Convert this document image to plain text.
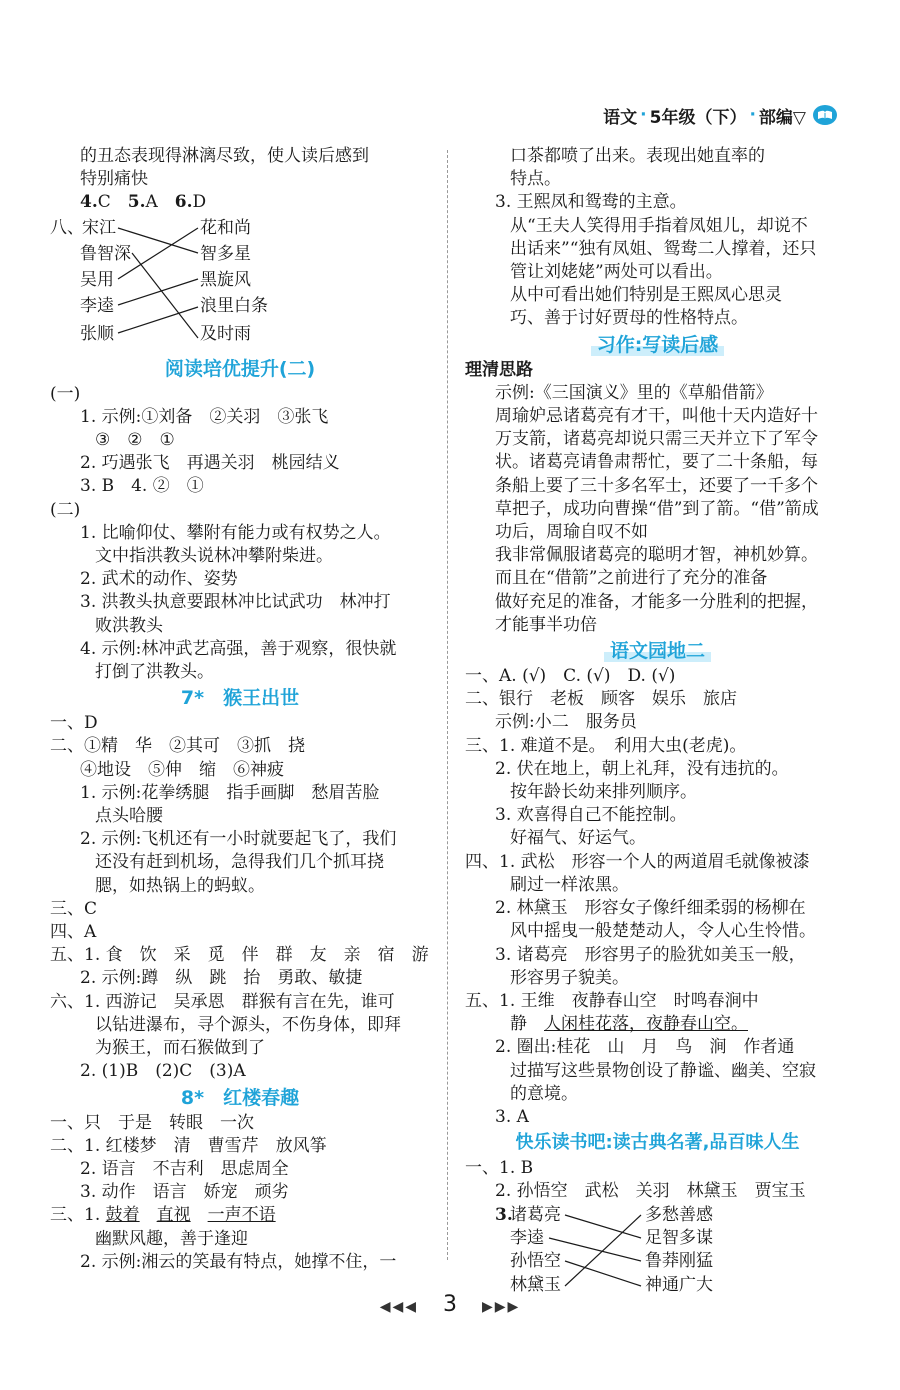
语文 · 5年级（下） · 部编▽
的丑态表现得淋漓尽致，使人读后感到
特别痛快
4.C　 5.A　 6.D
八、
宋江
鲁智深
吴用
李逵
张顺
花和尚
智多星
黑旋风
浪里白条
及时雨
阅读培优提升(二)
(一)
1. 示例:①刘备　②关羽　③张飞
③　②　①
2. 巧遇张飞　再遇关羽　桃园结义
3. B　4. ②　①
(二)
1. 比喻仰仗、攀附有能力或有权势之人。
文中指洪教头说林冲攀附柴进。
2. 武术的动作、姿势
3. 洪教头执意要跟林冲比试武功　林冲打
败洪教头
4. 示例:林冲武艺高强，善于观察，很快就
打倒了洪教头。
7*　猴王出世
一、D
二、①精　华　②其可　③抓　挠
④地设　⑤伸　缩　⑥神疲
1. 示例:花拳绣腿　指手画脚　愁眉苦脸
点头哈腰
2. 示例:飞机还有一小时就要起飞了，我们
还没有赶到机场，急得我们几个抓耳挠
腮，如热锅上的蚂蚁。
三、C
四、A
五、1. 食　饮　采　觅　伴　群　友　亲　宿　游
2. 示例:蹲　纵　跳　抬　勇敢、敏捷
六、1. 西游记　吴承恩　群猴有言在先，谁可
以钻进瀑布，寻个源头，不伤身体，即拜
为猴王，而石猴做到了
2. (1)B　(2)C　(3)A
8*　红楼春趣
一、只　于是　转眼　一次
二、1. 红楼梦　清　曹雪芹　放风筝
2. 语言　不吉利　思虑周全
3. 动作　语言　娇宠　顽劣
三、1. 鼓着　 直视　 一声不语
幽默风趣，善于逢迎
2. 示例:湘云的笑最有特点，她撑不住，一
口茶都喷了出来。表现出她直率的
特点。
3. 王熙凤和鸳鸯的主意。
从“王夫人笑得用手指着凤姐儿，却说不
出话来”“独有凤姐、鸳鸯二人撑着，还只
管让刘姥姥”两处可以看出。
从中可看出她们特别是王熙凤心思灵
巧、善于讨好贾母的性格特点。
习作:写读后感
理清思路
示例:《三国演义》里的《草船借箭》
周瑜妒忌诸葛亮有才干，叫他十天内造好十
万支箭，诸葛亮却说只需三天并立下了军令
状。诸葛亮请鲁肃帮忙，要了二十条船，每
条船上要了三十多名军士，还要了一千多个
草把子，成功向曹操“借”到了箭。“借”箭成
功后，周瑜自叹不如
我非常佩服诸葛亮的聪明才智，神机妙算。
而且在“借箭”之前进行了充分的准备
做好充足的准备，才能多一分胜利的把握，
才能事半功倍
语文园地二
一、A. (√)　C. (√)　D. (√)
二、银行　老板　顾客　娱乐　旅店
示例:小二　服务员
三、1. 难道不是。　利用大虫(老虎)。
2. 伏在地上，朝上礼拜，没有违抗的。
按年龄长幼来排列顺序。
3. 欢喜得自己不能控制。
好福气、好运气。
四、1. 武松　形容一个人的两道眉毛就像被漆
刷过一样浓黑。
2. 林黛玉　形容女子像纤细柔弱的杨柳在
风中摇曳一般楚楚动人，令人心生怜惜。
3. 诸葛亮　形容男子的脸犹如美玉一般，
形容男子貌美。
五、1. 王维　夜静春山空　时鸣春涧中
静　人闲桂花落，夜静春山空。
2. 圈出:桂花　山　月　鸟　涧　作者通
过描写这些景物创设了静谧、幽美、空寂
的意境。
3. A
快乐读书吧:读古典名著,品百味人生
一、1. B
2. 孙悟空　武松　关羽　林黛玉　贾宝玉
3.
诸葛亮
李逵
孙悟空
林黛玉
多愁善感
足智多谋
鲁莽刚猛
神通广大
◀◀◀ 3 ▶▶▶
